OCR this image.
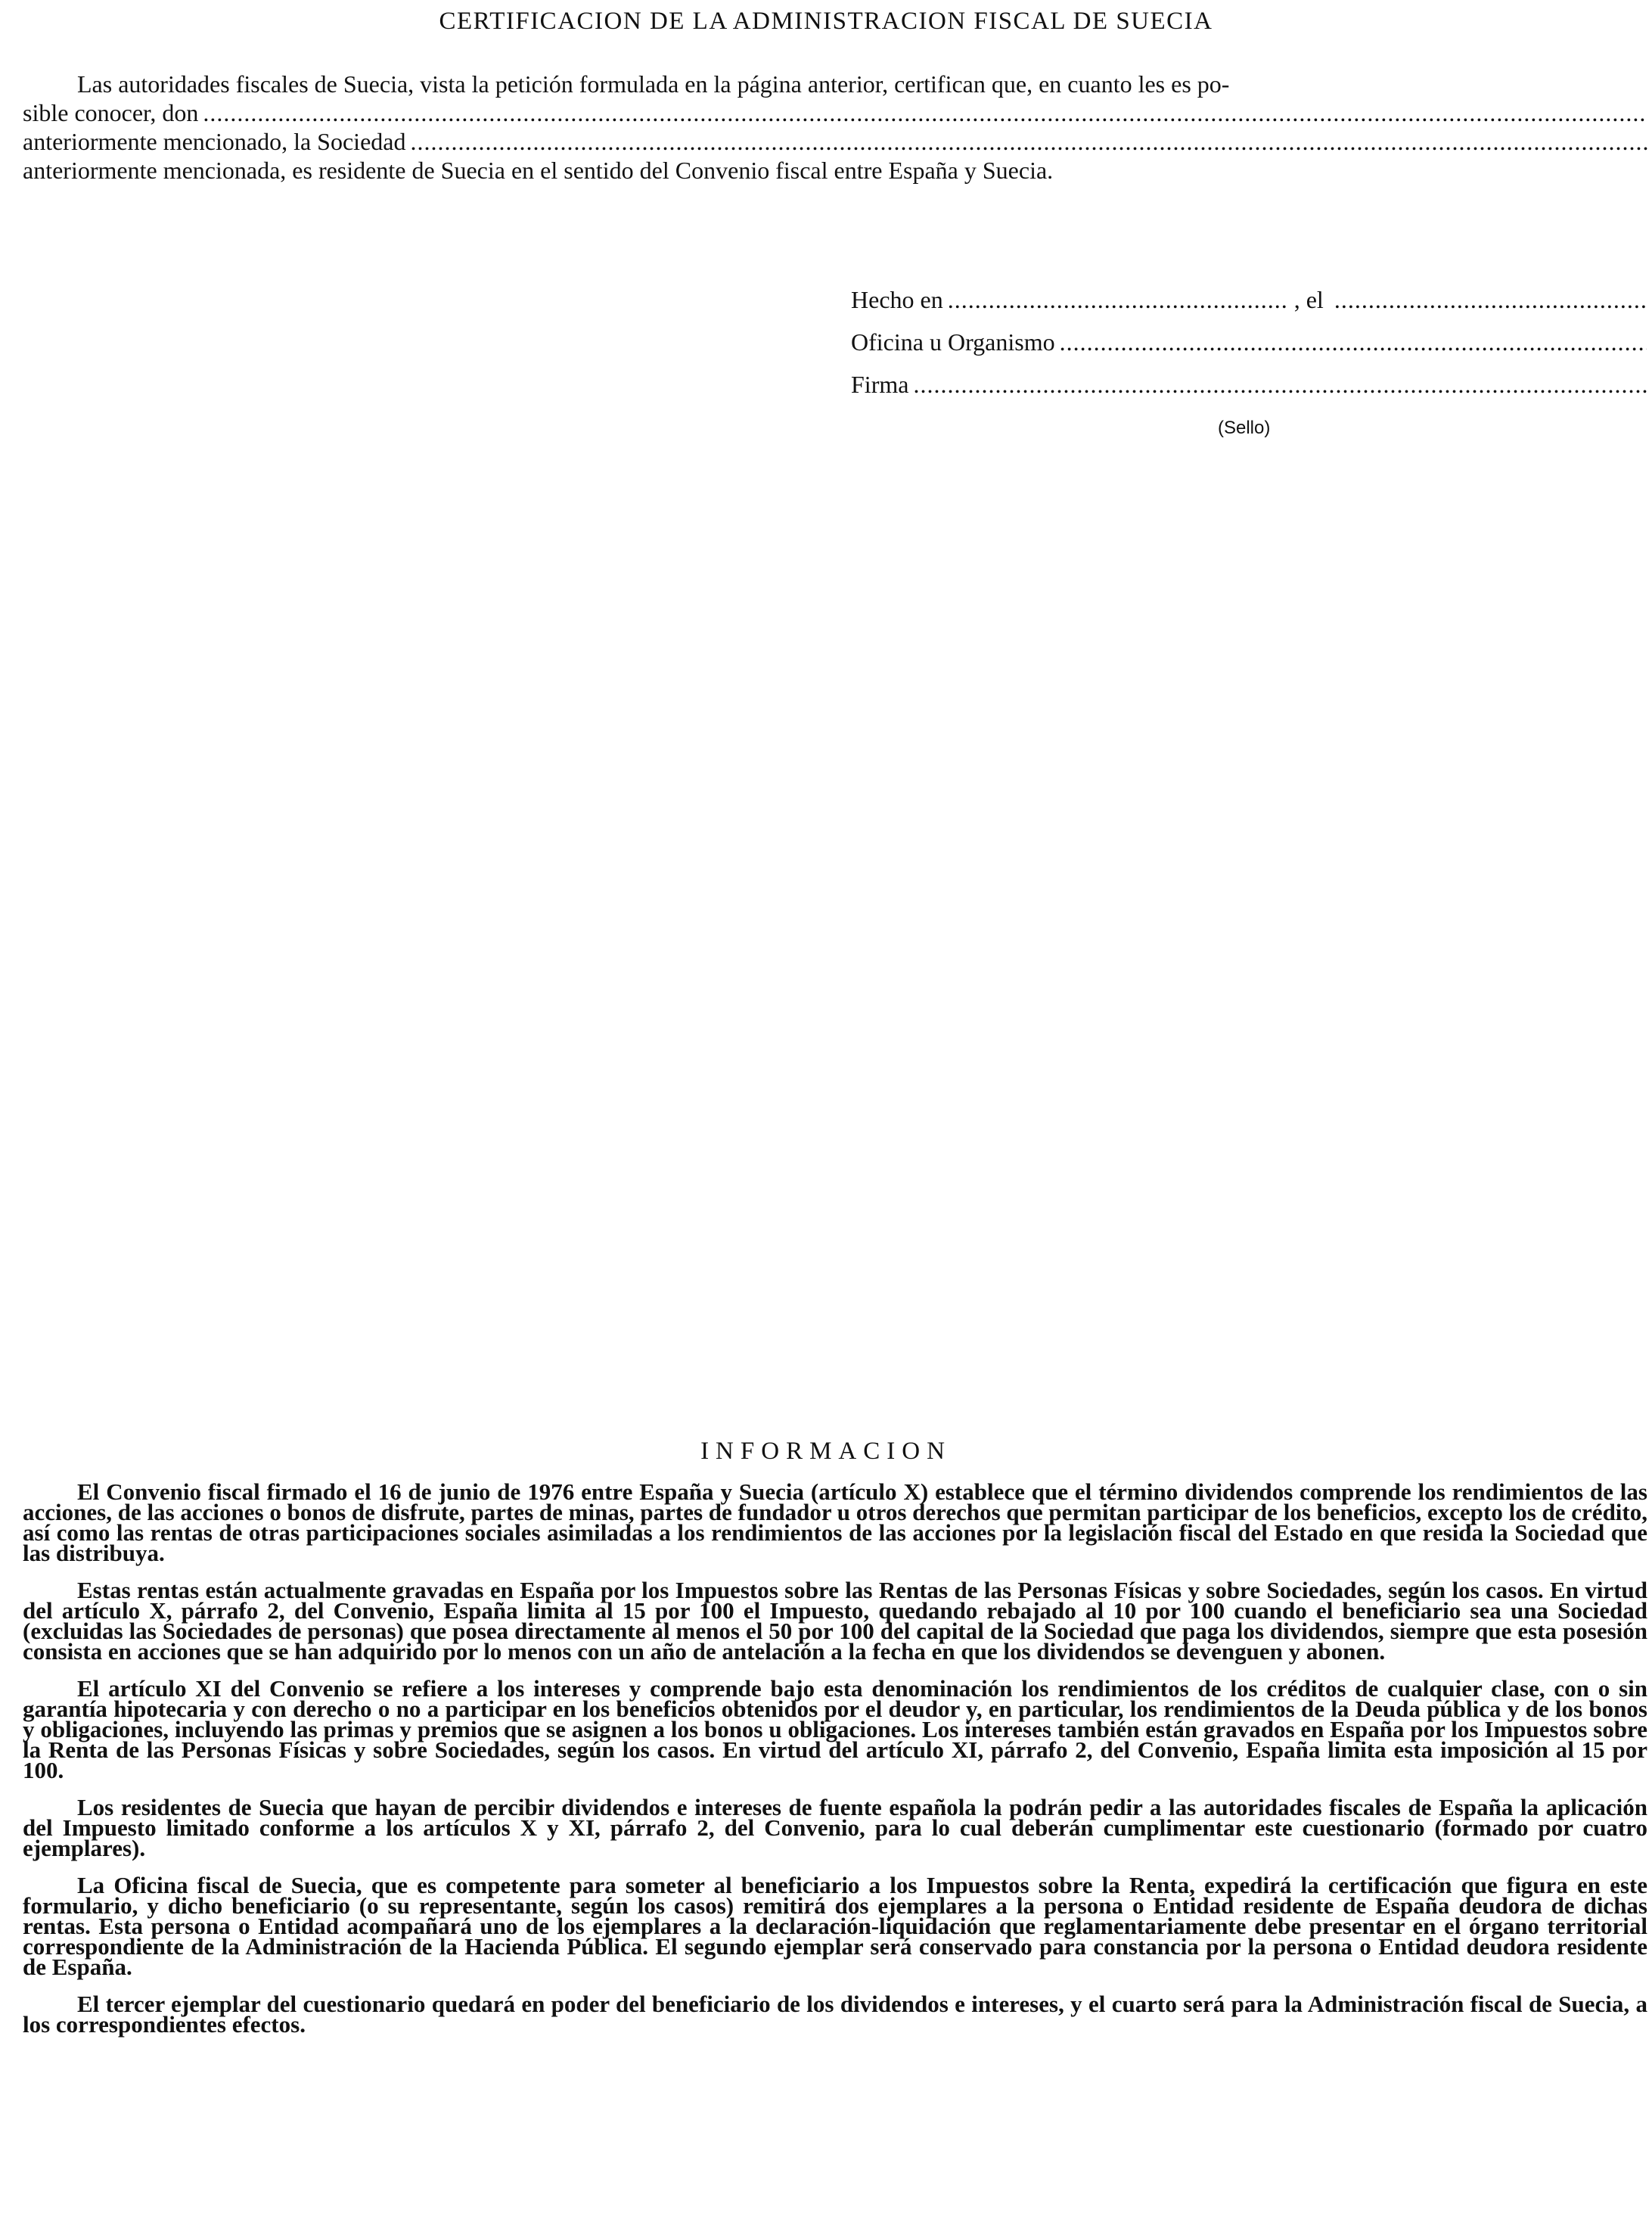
CERTIFICACION DE LA ADMINISTRACION FISCAL DE SUECIA
Las autoridades fiscales de Suecia, vista la petición formulada en la página anterior, certifican que, en cuanto les es po-
sible conocer, don
.....
anteriormente mencionado, la Sociedad
.....
anteriormente mencionada, es residente de Suecia en el sentido del Convenio fiscal entre España y Suecia.
Hecho en
.....	, el
.....
Oficina u Organismo
.....
Firma
.....
(Sello)
INFORMACION

El Convenio fiscal firmado el 16 de junio de 1976 entre España y Suecia (artículo X) establece que el término dividendos comprende los rendimientos de las acciones, de las acciones o bonos de disfrute, partes de minas, partes de fundador u otros derechos que permitan participar de los beneficios, excepto los de crédito, así como las rentas de otras participaciones sociales asimiladas a los rendimientos de las acciones por la legislación fiscal del Estado en que resida la Sociedad que las distribuya.

Estas rentas están actualmente gravadas en España por los Impuestos sobre las Rentas de las Personas Físicas y sobre Sociedades, según los casos. En virtud del artículo X, párrafo 2, del Convenio, España limita al 15 por 100 el Impuesto, quedando rebajado al 10 por 100 cuando el beneficiario sea una Sociedad (excluidas las Sociedades de personas) que posea directamente al menos el 50 por 100 del capital de la Sociedad que paga los dividendos, siempre que esta posesión consista en acciones que se han adquirido por lo menos con un año de antelación a la fecha en que los dividendos se devenguen y abonen.

El artículo XI del Convenio se refiere a los intereses y comprende bajo esta denominación los rendimientos de los créditos de cualquier clase, con o sin garantía hipotecaria y con derecho o no a participar en los beneficios obtenidos por el deudor y, en particular, los rendimientos de la Deuda pública y de los bonos y obligaciones, incluyendo las primas y premios que se asignen a los bonos u obligaciones. Los intereses también están gravados en España por los Impuestos sobre la Renta de las Personas Físicas y sobre Sociedades, según los casos. En virtud del artículo XI, párrafo 2, del Convenio, España limita esta imposición al 15 por 100.

Los residentes de Suecia que hayan de percibir dividendos e intereses de fuente española la podrán pedir a las autoridades fiscales de España la aplicación del Impuesto limitado conforme a los artículos X y XI, párrafo 2, del Convenio, para lo cual deberán cumplimentar este cuestionario (formado por cuatro ejemplares).

La Oficina fiscal de Suecia, que es competente para someter al beneficiario a los Impuestos sobre la Renta, expedirá la certificación que figura en este formulario, y dicho beneficiario (o su representante, según los casos) remitirá dos ejemplares a la persona o Entidad residente de España deudora de dichas rentas. Esta persona o Entidad acompañará uno de los ejemplares a la declaración-liquidación que reglamentariamente debe presentar en el órgano territorial correspondiente de la Administración de la Hacienda Pública. El segundo ejemplar será conservado para constancia por la persona o Entidad deudora residente de España.

El tercer ejemplar del cuestionario quedará en poder del beneficiario de los dividendos e intereses, y el cuarto será para la Administración fiscal de Suecia, a los correspondientes efectos.
